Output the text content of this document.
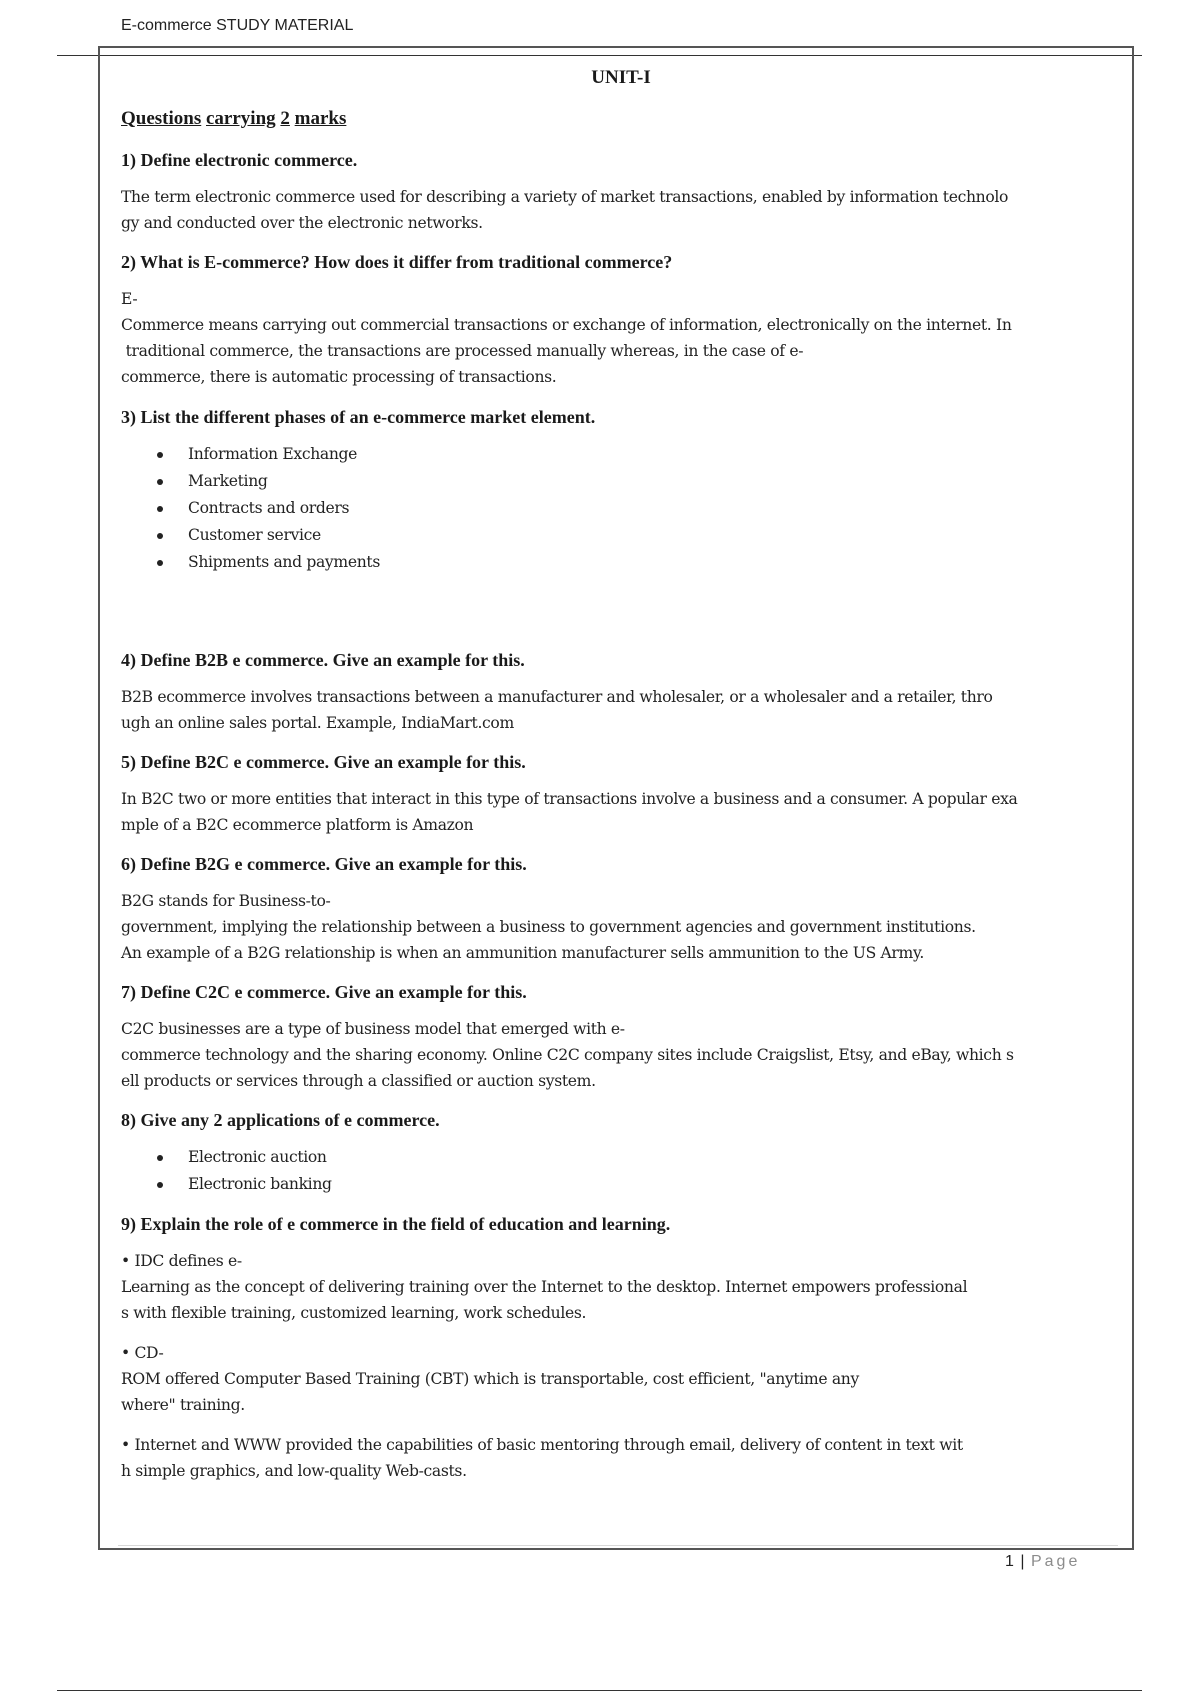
E-commerce STUDY MATERIAL
UNIT-I
Questions carrying 2 marks
1) Define electronic commerce.
The term electronic commerce used for describing a variety of market transactions, enabled by information technolo
gy and conducted over the electronic networks.
2) What is E-commerce? How does it differ from traditional commerce?
E-
Commerce means carrying out commercial transactions or exchange of information, electronically on the internet. In
traditional commerce, the transactions are processed manually whereas, in the case of e-
commerce, there is automatic processing of transactions.
3) List the different phases of an e-commerce market element.
Information Exchange
Marketing
Contracts and orders
Customer service
Shipments and payments
4) Define B2B e commerce. Give an example for this.
B2B ecommerce involves transactions between a manufacturer and wholesaler, or a wholesaler and a retailer, thro
ugh an online sales portal. Example, IndiaMart.com
5) Define B2C e commerce. Give an example for this.
In B2C two or more entities that interact in this type of transactions involve a business and a consumer. A popular exa
mple of a B2C ecommerce platform is Amazon
6) Define B2G e commerce. Give an example for this.
B2G stands for Business-to-
government, implying the relationship between a business to government agencies and government institutions.
An example of a B2G relationship is when an ammunition manufacturer sells ammunition to the US Army.
7) Define C2C e commerce. Give an example for this.
C2C businesses are a type of business model that emerged with e-
commerce technology and the sharing economy. Online C2C company sites include Craigslist, Etsy, and eBay, which s
ell products or services through a classified or auction system.
8) Give any 2 applications of e commerce.
Electronic auction
Electronic banking
9) Explain the role of e commerce in the field of education and learning.
• IDC defines e-
Learning as the concept of delivering training over the Internet to the desktop. Internet empowers professional
s with flexible training, customized learning, work schedules.
• CD-
ROM offered Computer Based Training (CBT) which is transportable, cost efficient, "anytime any
where" training.
• Internet and WWW provided the capabilities of basic mentoring through email, delivery of content in text wit
h simple graphics, and low-quality Web-casts.
1 | Page
